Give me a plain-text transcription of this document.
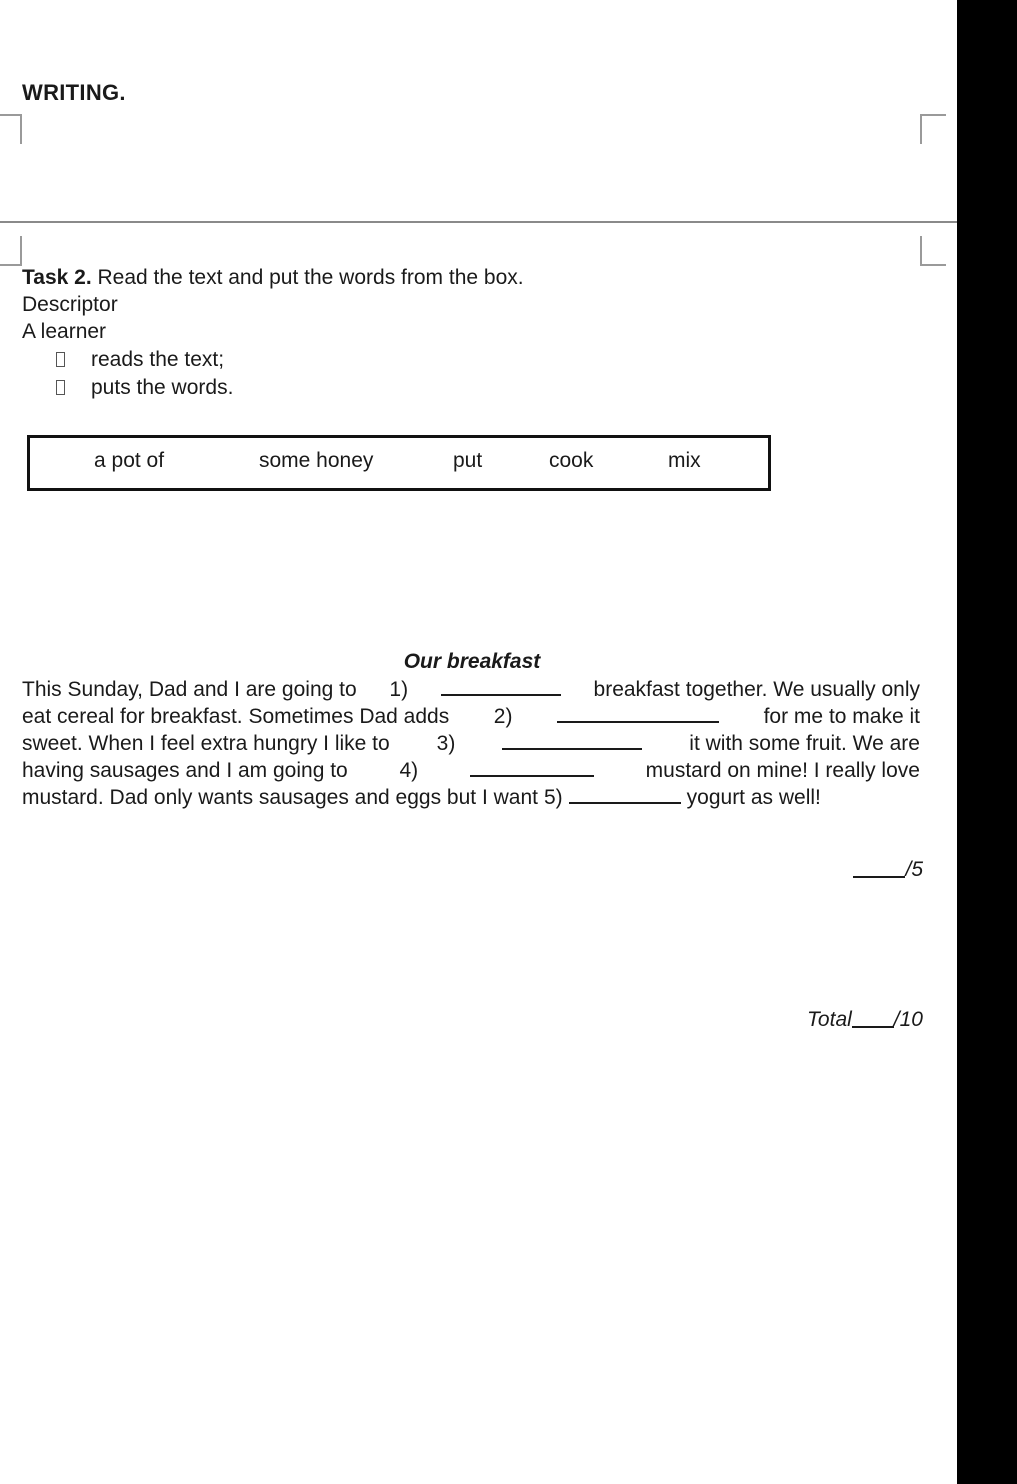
WRITING.
Task 2. Read the text and put the words from the box.
Descriptor
A learner
reads the text;
puts the words.
a pot of	some honey	put	cook	mix
Our breakfast
This Sunday, Dad and I are going to 1)	breakfast together. We usually only
eat cereal for breakfast. Sometimes Dad adds 2)	for me to make it
sweet. When I feel extra hungry I like to 3)	it with some fruit. We are
having sausages and I am going to 4)	mustard on mine! I really love
mustard. Dad only wants sausages and eggs but I want 5)	yogurt as well!
/5
Total /10
